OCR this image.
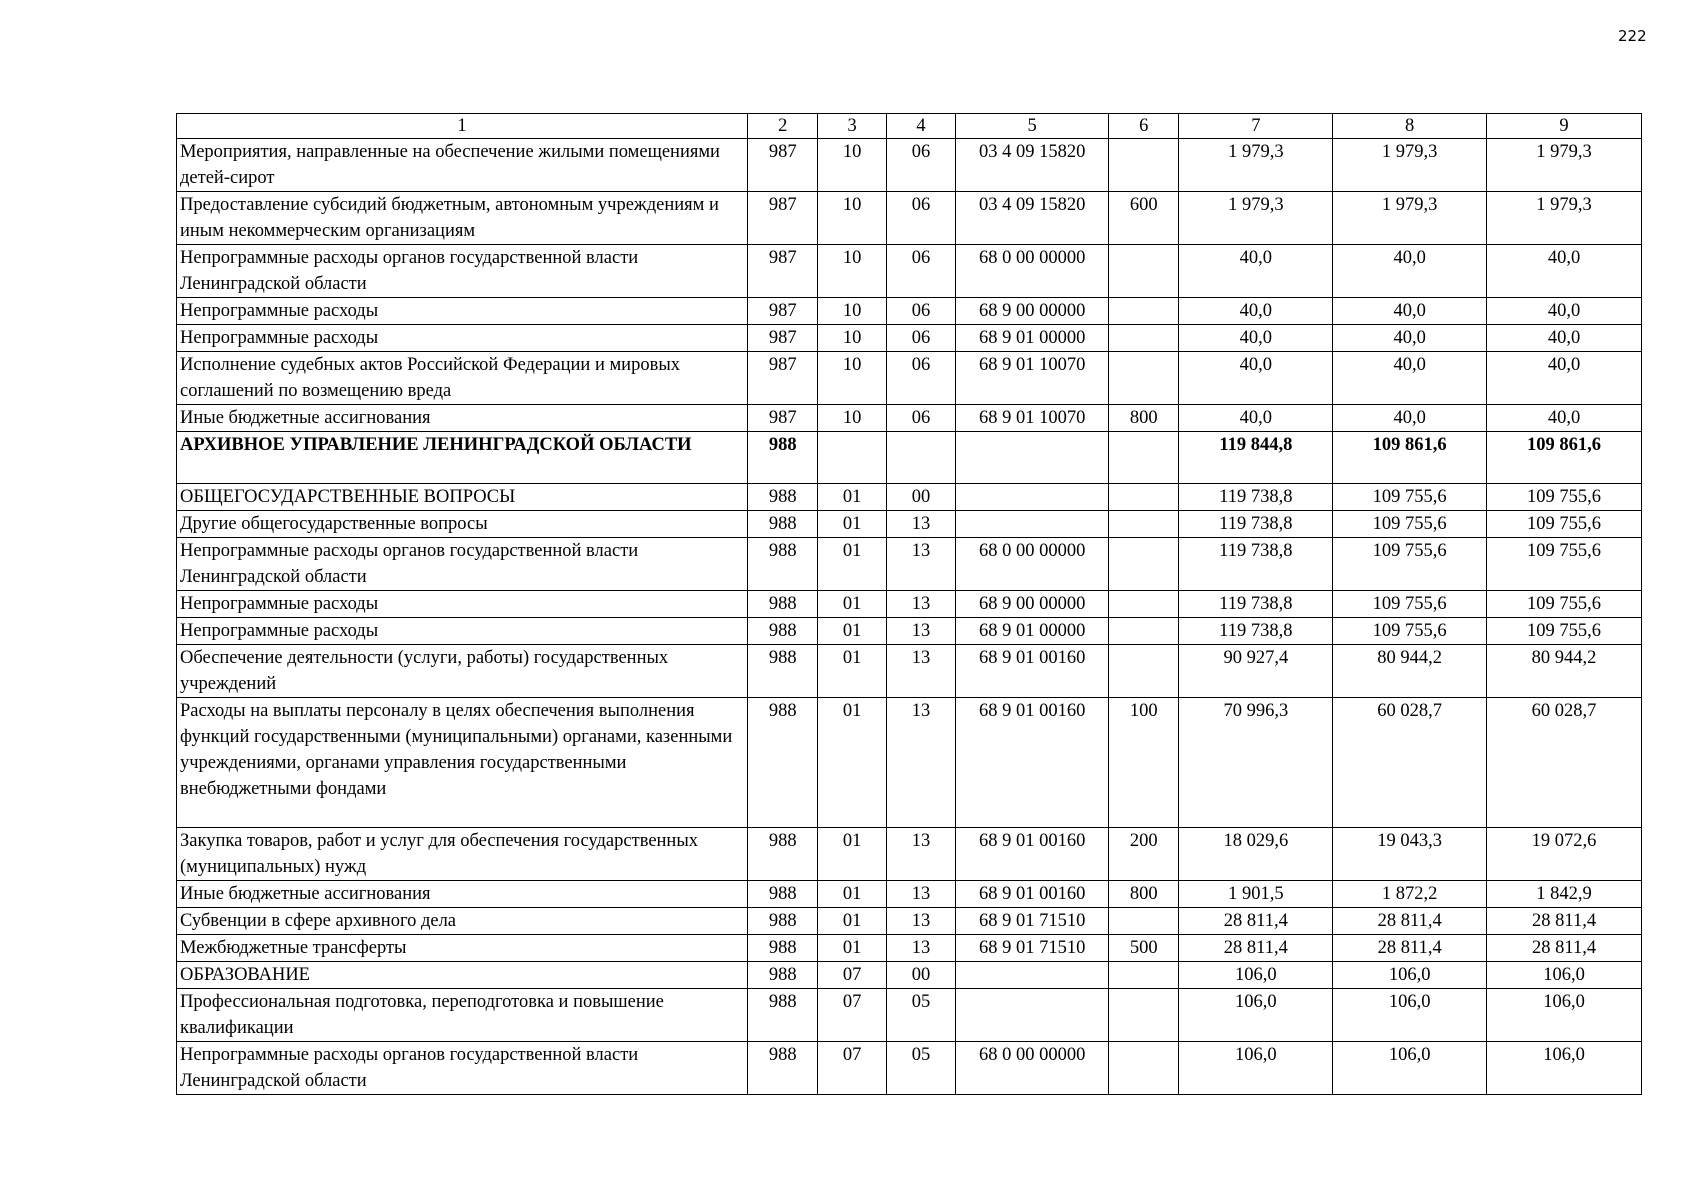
222
1	2	3	4	5	6	7	8	9
Мероприятия, направленные на обеспечение жилыми помещениями детей-сирот	987	10	06	03 4 09 15820		1 979,3	1 979,3	1 979,3
Предоставление субсидий бюджетным, автономным учреждениям и иным некоммерческим организациям	987	10	06	03 4 09 15820	600	1 979,3	1 979,3	1 979,3
Непрограммные расходы органов государственной власти Ленинградской области	987	10	06	68 0 00 00000		40,0	40,0	40,0
Непрограммные расходы	987	10	06	68 9 00 00000		40,0	40,0	40,0
Непрограммные расходы	987	10	06	68 9 01 00000		40,0	40,0	40,0
Исполнение судебных актов Российской Федерации и мировых соглашений по возмещению вреда	987	10	06	68 9 01 10070		40,0	40,0	40,0
Иные бюджетные ассигнования	987	10	06	68 9 01 10070	800	40,0	40,0	40,0
АРХИВНОЕ УПРАВЛЕНИЕ ЛЕНИНГРАДСКОЙ ОБЛАСТИ	988					119 844,8	109 861,6	109 861,6
ОБЩЕГОСУДАРСТВЕННЫЕ ВОПРОСЫ	988	01	00			119 738,8	109 755,6	109 755,6
Другие общегосударственные вопросы	988	01	13			119 738,8	109 755,6	109 755,6
Непрограммные расходы органов государственной власти Ленинградской области	988	01	13	68 0 00 00000		119 738,8	109 755,6	109 755,6
Непрограммные расходы	988	01	13	68 9 00 00000		119 738,8	109 755,6	109 755,6
Непрограммные расходы	988	01	13	68 9 01 00000		119 738,8	109 755,6	109 755,6
Обеспечение деятельности (услуги, работы) государственных учреждений	988	01	13	68 9 01 00160		90 927,4	80 944,2	80 944,2
Расходы на выплаты персоналу в целях обеспечения выполнения функций государственными (муниципальными) органами, казенными учреждениями, органами управления государственными внебюджетными фондами	988	01	13	68 9 01 00160	100	70 996,3	60 028,7	60 028,7
Закупка товаров, работ и услуг для обеспечения государственных (муниципальных) нужд	988	01	13	68 9 01 00160	200	18 029,6	19 043,3	19 072,6
Иные бюджетные ассигнования	988	01	13	68 9 01 00160	800	1 901,5	1 872,2	1 842,9
Субвенции в сфере архивного дела	988	01	13	68 9 01 71510		28 811,4	28 811,4	28 811,4
Межбюджетные трансферты	988	01	13	68 9 01 71510	500	28 811,4	28 811,4	28 811,4
ОБРАЗОВАНИЕ	988	07	00			106,0	106,0	106,0
Профессиональная подготовка, переподготовка и повышение квалификации	988	07	05			106,0	106,0	106,0
Непрограммные расходы органов государственной власти Ленинградской области	988	07	05	68 0 00 00000		106,0	106,0	106,0
